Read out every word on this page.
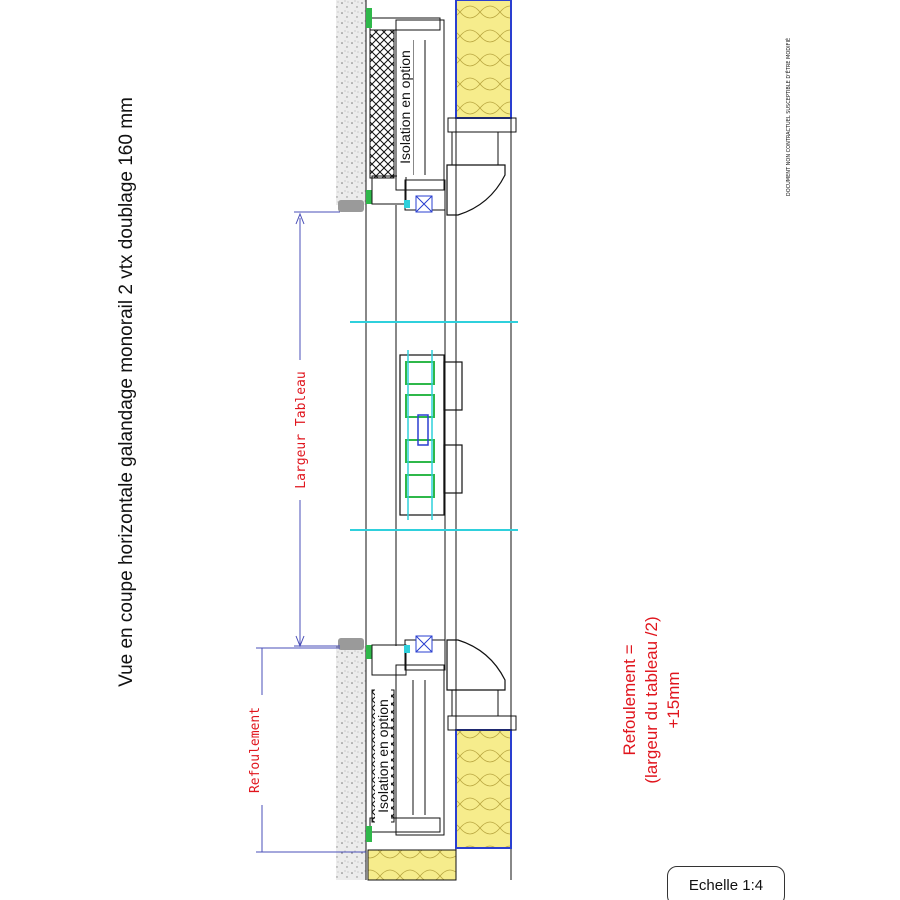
Vue en coupe horizontale galandage monorail 2 vtx doublage 160 mm	Isolation en option
Isolation en option
Largeur Tableau
Refoulement	Refoulement = (largeur du tableau /2) +15mm
DOCUMENT NON CONTRACTUEL SUSCEPTIBLE D'ÊTRE MODIFIÉ
Echelle 1:4
